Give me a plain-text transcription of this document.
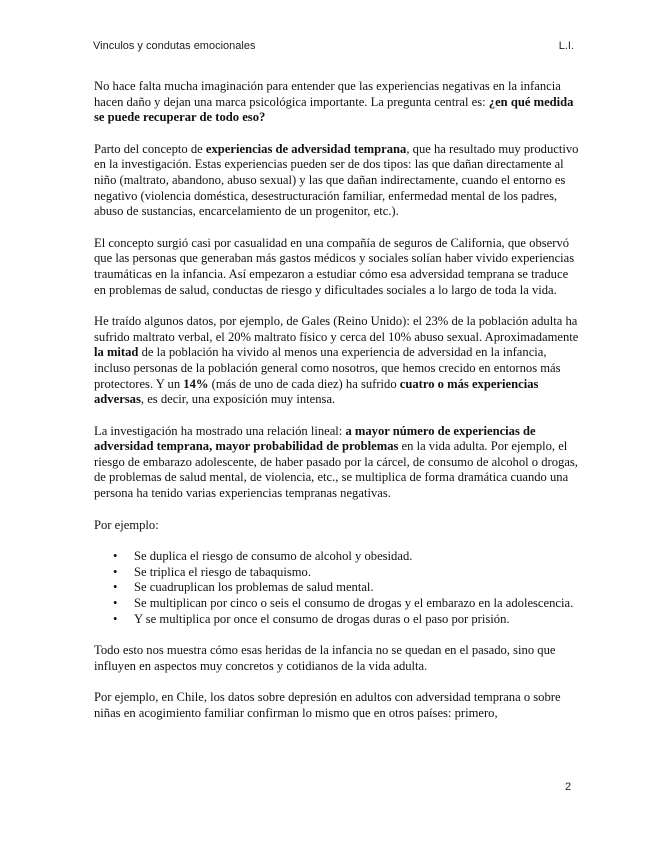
Vinculos y condutas emocionales	L.I.

No hace falta mucha imaginación para entender que las experiencias negativas en la infancia hacen daño y dejan una marca psicológica importante. La pregunta central es: ¿en qué medida se puede recuperar de todo eso?

Parto del concepto de experiencias de adversidad temprana, que ha resultado muy productivo en la investigación. Estas experiencias pueden ser de dos tipos: las que dañan directamente al niño (maltrato, abandono, abuso sexual) y las que dañan indirectamente, cuando el entorno es negativo (violencia doméstica, desestructuración familiar, enfermedad mental de los padres, abuso de sustancias, encarcelamiento de un progenitor, etc.).

El concepto surgió casi por casualidad en una compañía de seguros de California, que observó que las personas que generaban más gastos médicos y sociales solían haber vivido experiencias traumáticas en la infancia. Así empezaron a estudiar cómo esa adversidad temprana se traduce en problemas de salud, conductas de riesgo y dificultades sociales a lo largo de toda la vida.

He traído algunos datos, por ejemplo, de Gales (Reino Unido): el 23% de la población adulta ha sufrido maltrato verbal, el 20% maltrato físico y cerca del 10% abuso sexual. Aproximadamente la mitad de la población ha vivido al menos una experiencia de adversidad en la infancia, incluso personas de la población general como nosotros, que hemos crecido en entornos más protectores. Y un 14% (más de uno de cada diez) ha sufrido cuatro o más experiencias adversas, es decir, una exposición muy intensa.

La investigación ha mostrado una relación lineal: a mayor número de experiencias de adversidad temprana, mayor probabilidad de problemas en la vida adulta. Por ejemplo, el riesgo de embarazo adolescente, de haber pasado por la cárcel, de consumo de alcohol o drogas, de problemas de salud mental, de violencia, etc., se multiplica de forma dramática cuando una persona ha tenido varias experiencias tempranas negativas.

Por ejemplo:

• Se duplica el riesgo de consumo de alcohol y obesidad.
• Se triplica el riesgo de tabaquismo.
• Se cuadruplican los problemas de salud mental.
• Se multiplican por cinco o seis el consumo de drogas y el embarazo en la adolescencia.
• Y se multiplica por once el consumo de drogas duras o el paso por prisión.

Todo esto nos muestra cómo esas heridas de la infancia no se quedan en el pasado, sino que influyen en aspectos muy concretos y cotidianos de la vida adulta.

Por ejemplo, en Chile, los datos sobre depresión en adultos con adversidad temprana o sobre niñas en acogimiento familiar confirman lo mismo que en otros países: primero,

2
